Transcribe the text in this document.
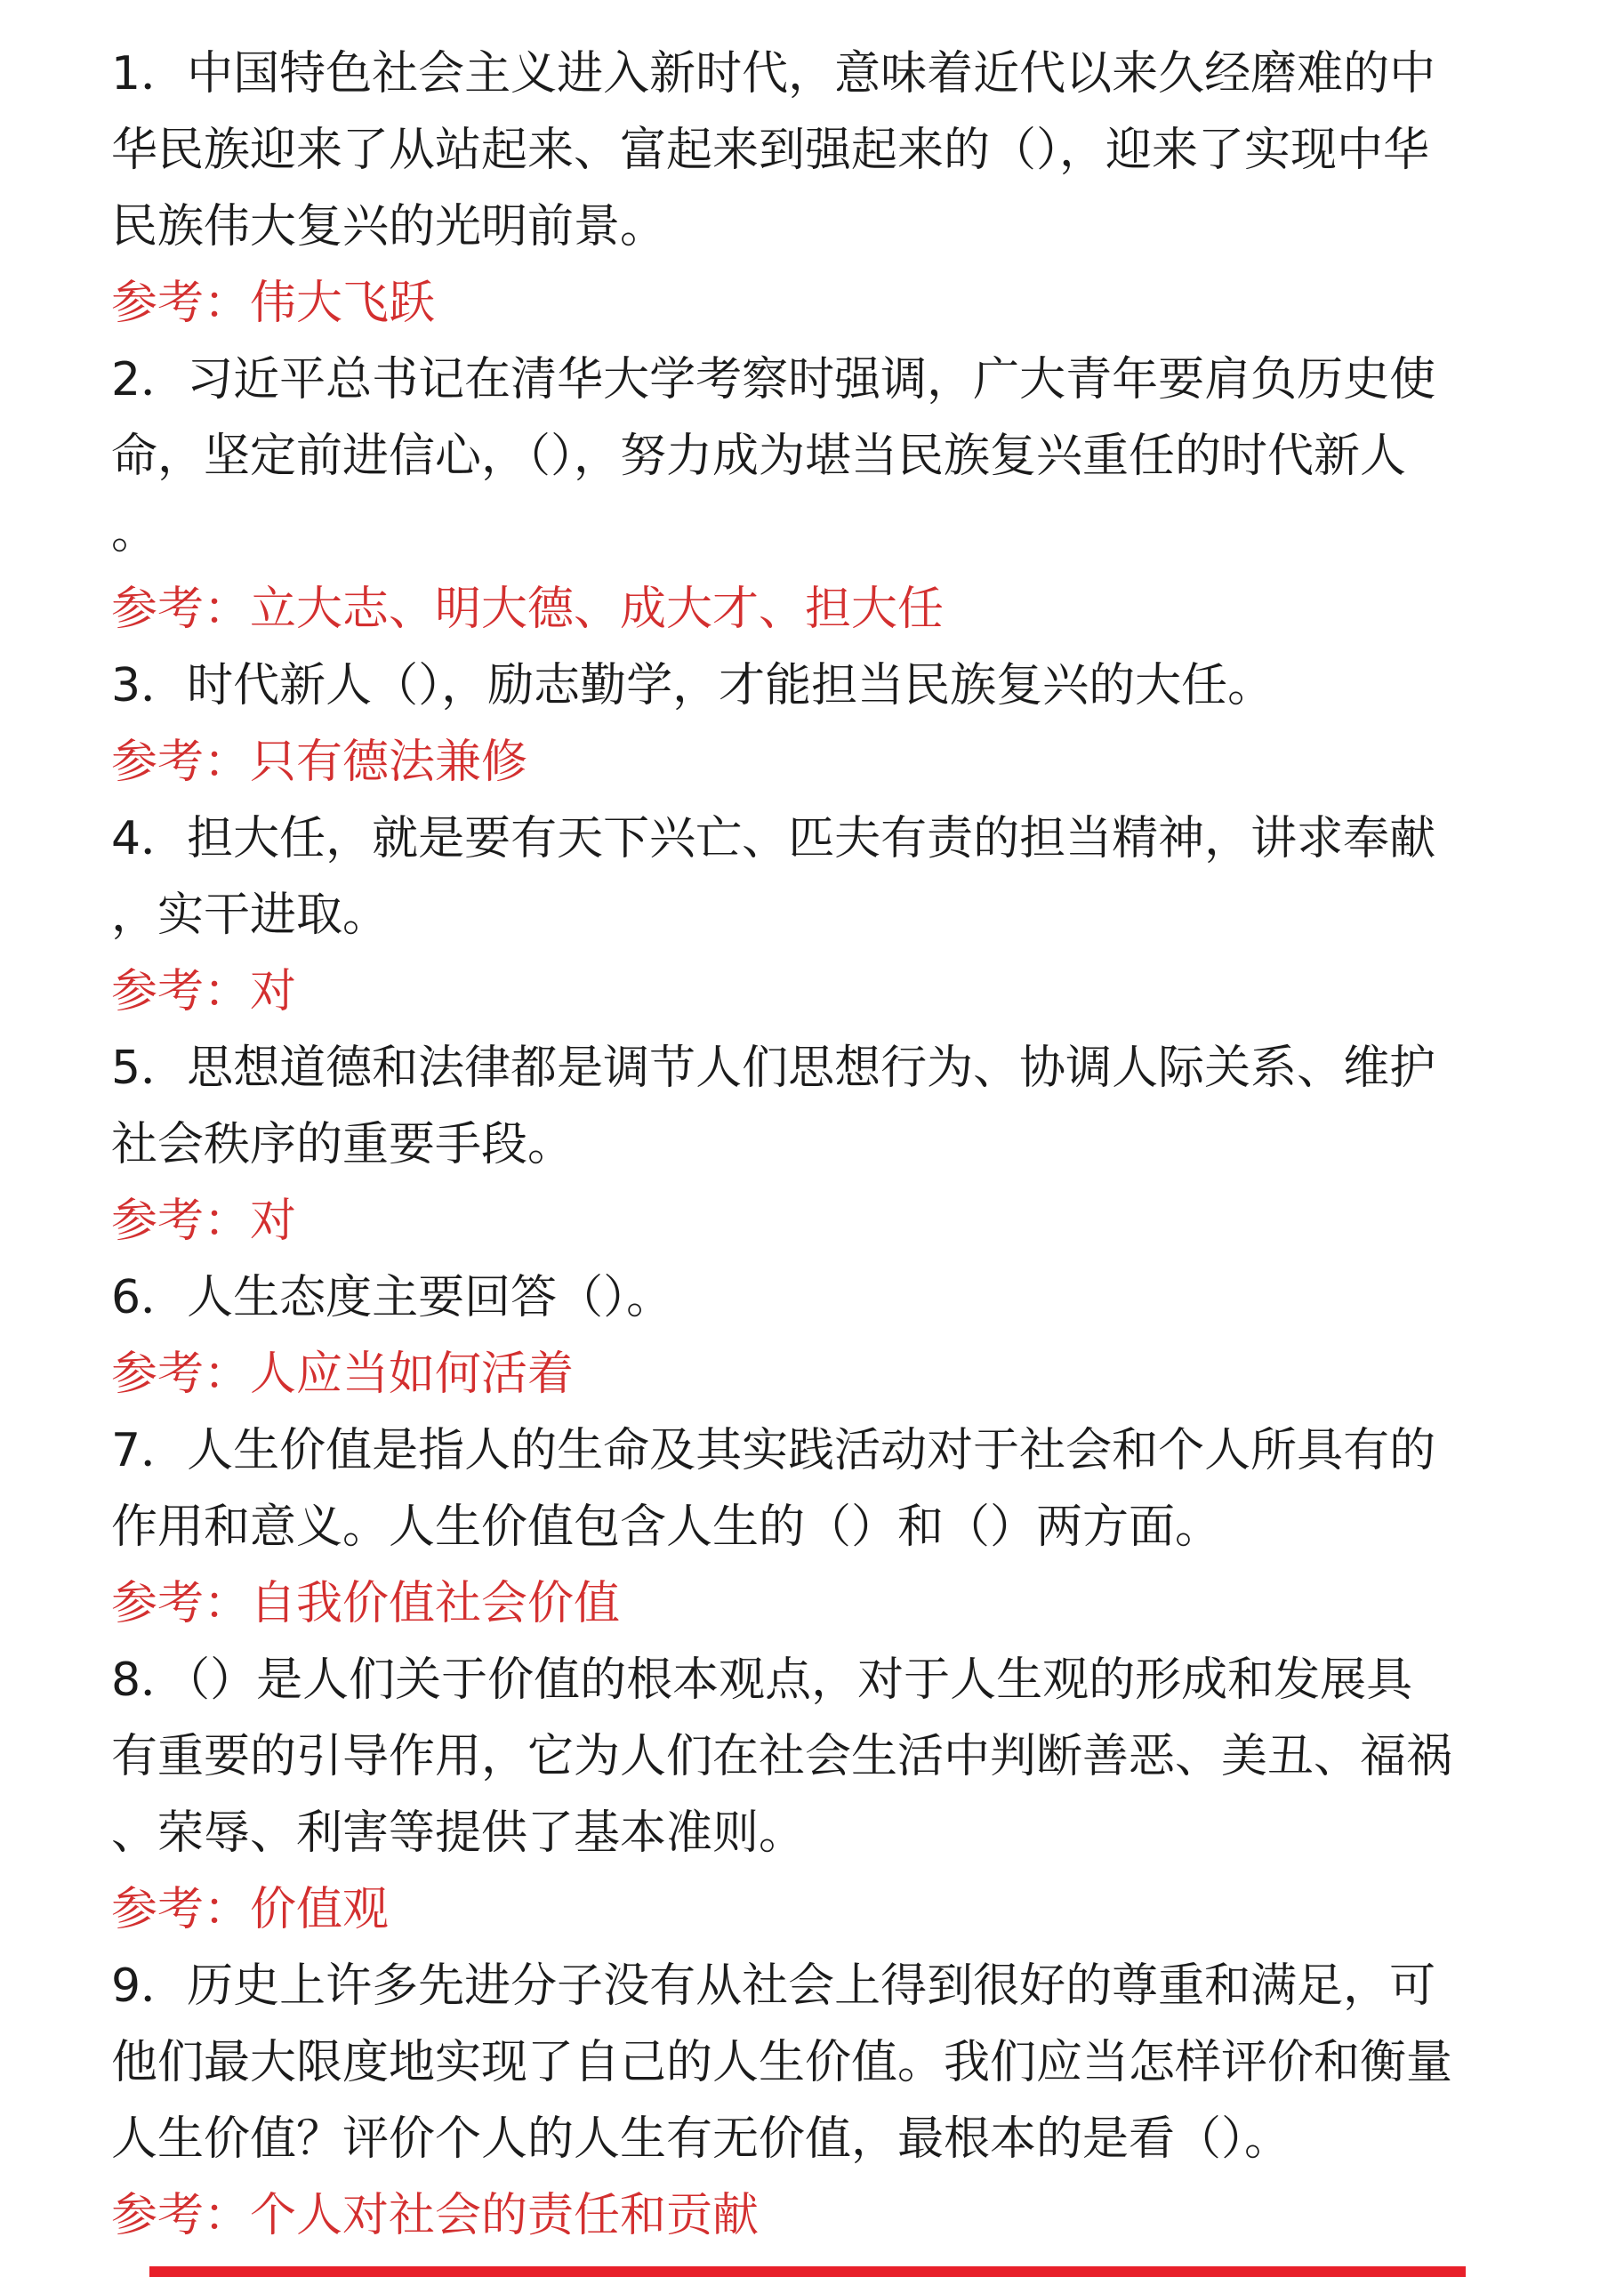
1．中国特色社会主义进入新时代，意味着近代以来久经磨难的中
华民族迎来了从站起来、富起来到强起来的（），迎来了实现中华
民族伟大复兴的光明前景。
参考：伟大飞跃
2．习近平总书记在清华大学考察时强调，广大青年要肩负历史使
命，坚定前进信心，（），努力成为堪当民族复兴重任的时代新人
。
参考：立大志、明大德、成大才、担大任
3．时代新人（），励志勤学，才能担当民族复兴的大任。
参考：只有德法兼修
4．担大任，就是要有天下兴亡、匹夫有责的担当精神，讲求奉献
，实干进取。
参考：对
5．思想道德和法律都是调节人们思想行为、协调人际关系、维护
社会秩序的重要手段。
参考：对
6．人生态度主要回答（）。
参考：人应当如何活着
7．人生价值是指人的生命及其实践活动对于社会和个人所具有的
作用和意义。人生价值包含人生的（）和（）两方面。
参考：自我价值社会价值
8．（）是人们关于价值的根本观点，对于人生观的形成和发展具
有重要的引导作用，它为人们在社会生活中判断善恶、美丑、福祸
、荣辱、利害等提供了基本准则。
参考：价值观
9．历史上许多先进分子没有从社会上得到很好的尊重和满足，可
他们最大限度地实现了自己的人生价值。我们应当怎样评价和衡量
人生价值？评价个人的人生有无价值，最根本的是看（）。
参考：个人对社会的责任和贡献
